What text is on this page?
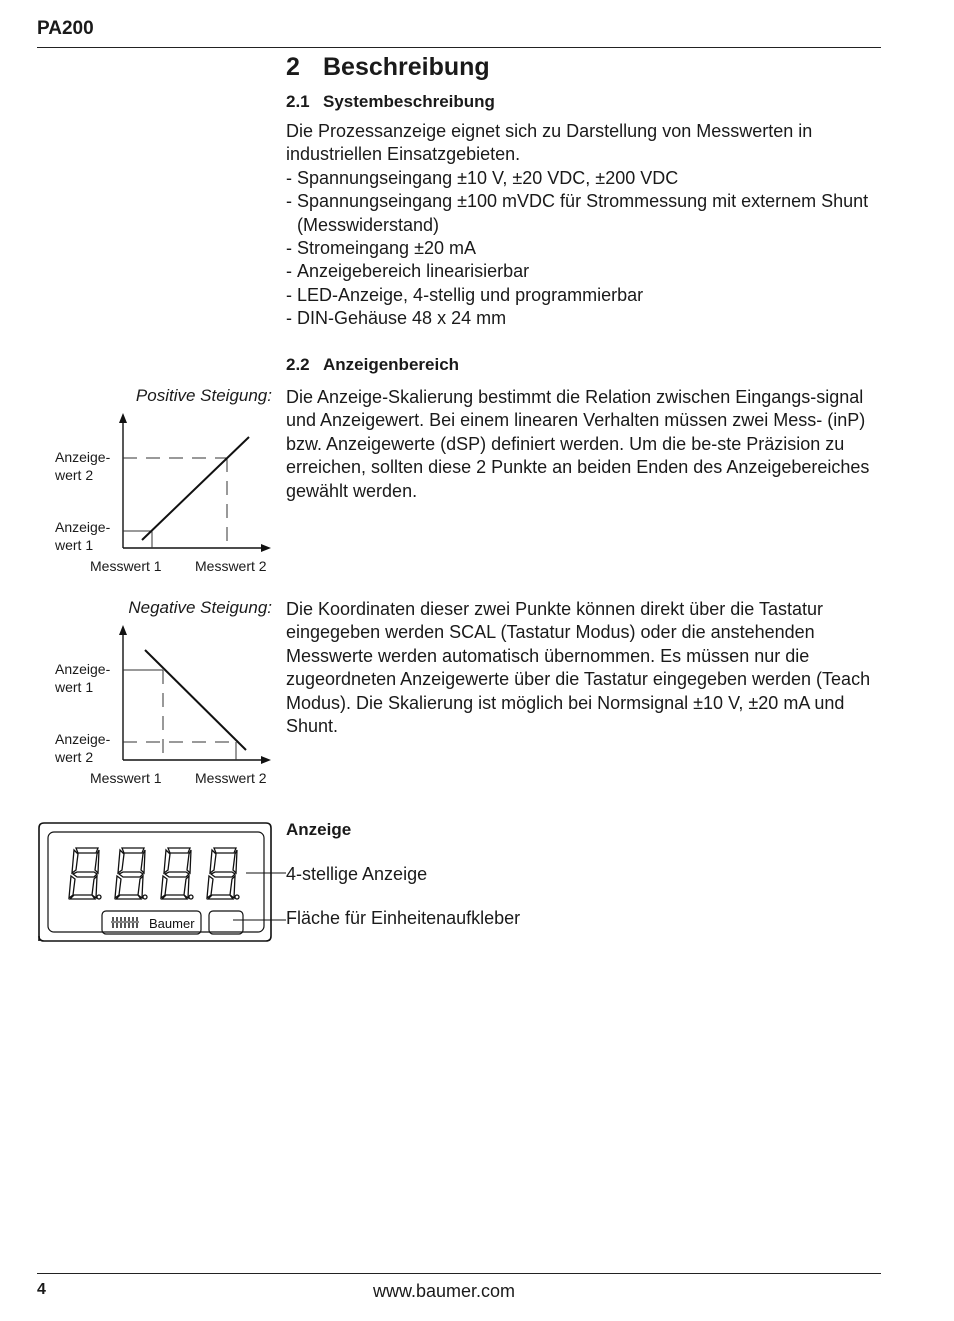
PA200
2 Beschreibung
2.1 Systembeschreibung

Die Prozessanzeige eignet sich zu Darstellung von Messwerten in industriellen Einsatzgebieten.

- Spannungseingang ±10 V, ±20 VDC, ±200 VDC
- Spannungseingang ±100 mVDC für Strommessung mit externem Shunt (Messwiderstand)
- Stromeingang ±20 mA
- Anzeigebereich linearisierbar
- LED-Anzeige, 4-stellig und programmierbar
- DIN-Gehäuse 48 x 24 mm
2.2 Anzeigenbereich
Positive Steigung: Die Anzeige-Skalierung bestimmt die Relation zwischen Eingangs-signal und Anzeigewert. Bei einem linearen Verhalten müssen zwei Mess- (inP) bzw. Anzeigewerte (dSP) definiert werden. Um die be-ste Präzision zu erreichen, sollten diese 2 Punkte an beiden Enden des Anzeigebereiches gewählt werden.

Anzeige-
wert 2
Anzeige-
wert 1
Messwert 1 Messwert 2
Negative Steigung: Die Koordinaten dieser zwei Punkte können direkt über die Tastatur eingegeben werden SCAL (Tastatur Modus) oder die anstehenden Messwerte werden automatisch übernommen. Es müssen nur die zugeordneten Anzeigewerte über die Tastatur eingegeben werden (Teach Modus). Die Skalierung ist möglich bei Normsignal ±10 V, ±20 mA und Shunt.

Anzeige-
wert 1
Anzeige-
wert 2
Messwert 1 Messwert 2
Anzeige
4-stellige Anzeige
Fläche für Einheitenaufkleber
Baumer
4	www.baumer.com
